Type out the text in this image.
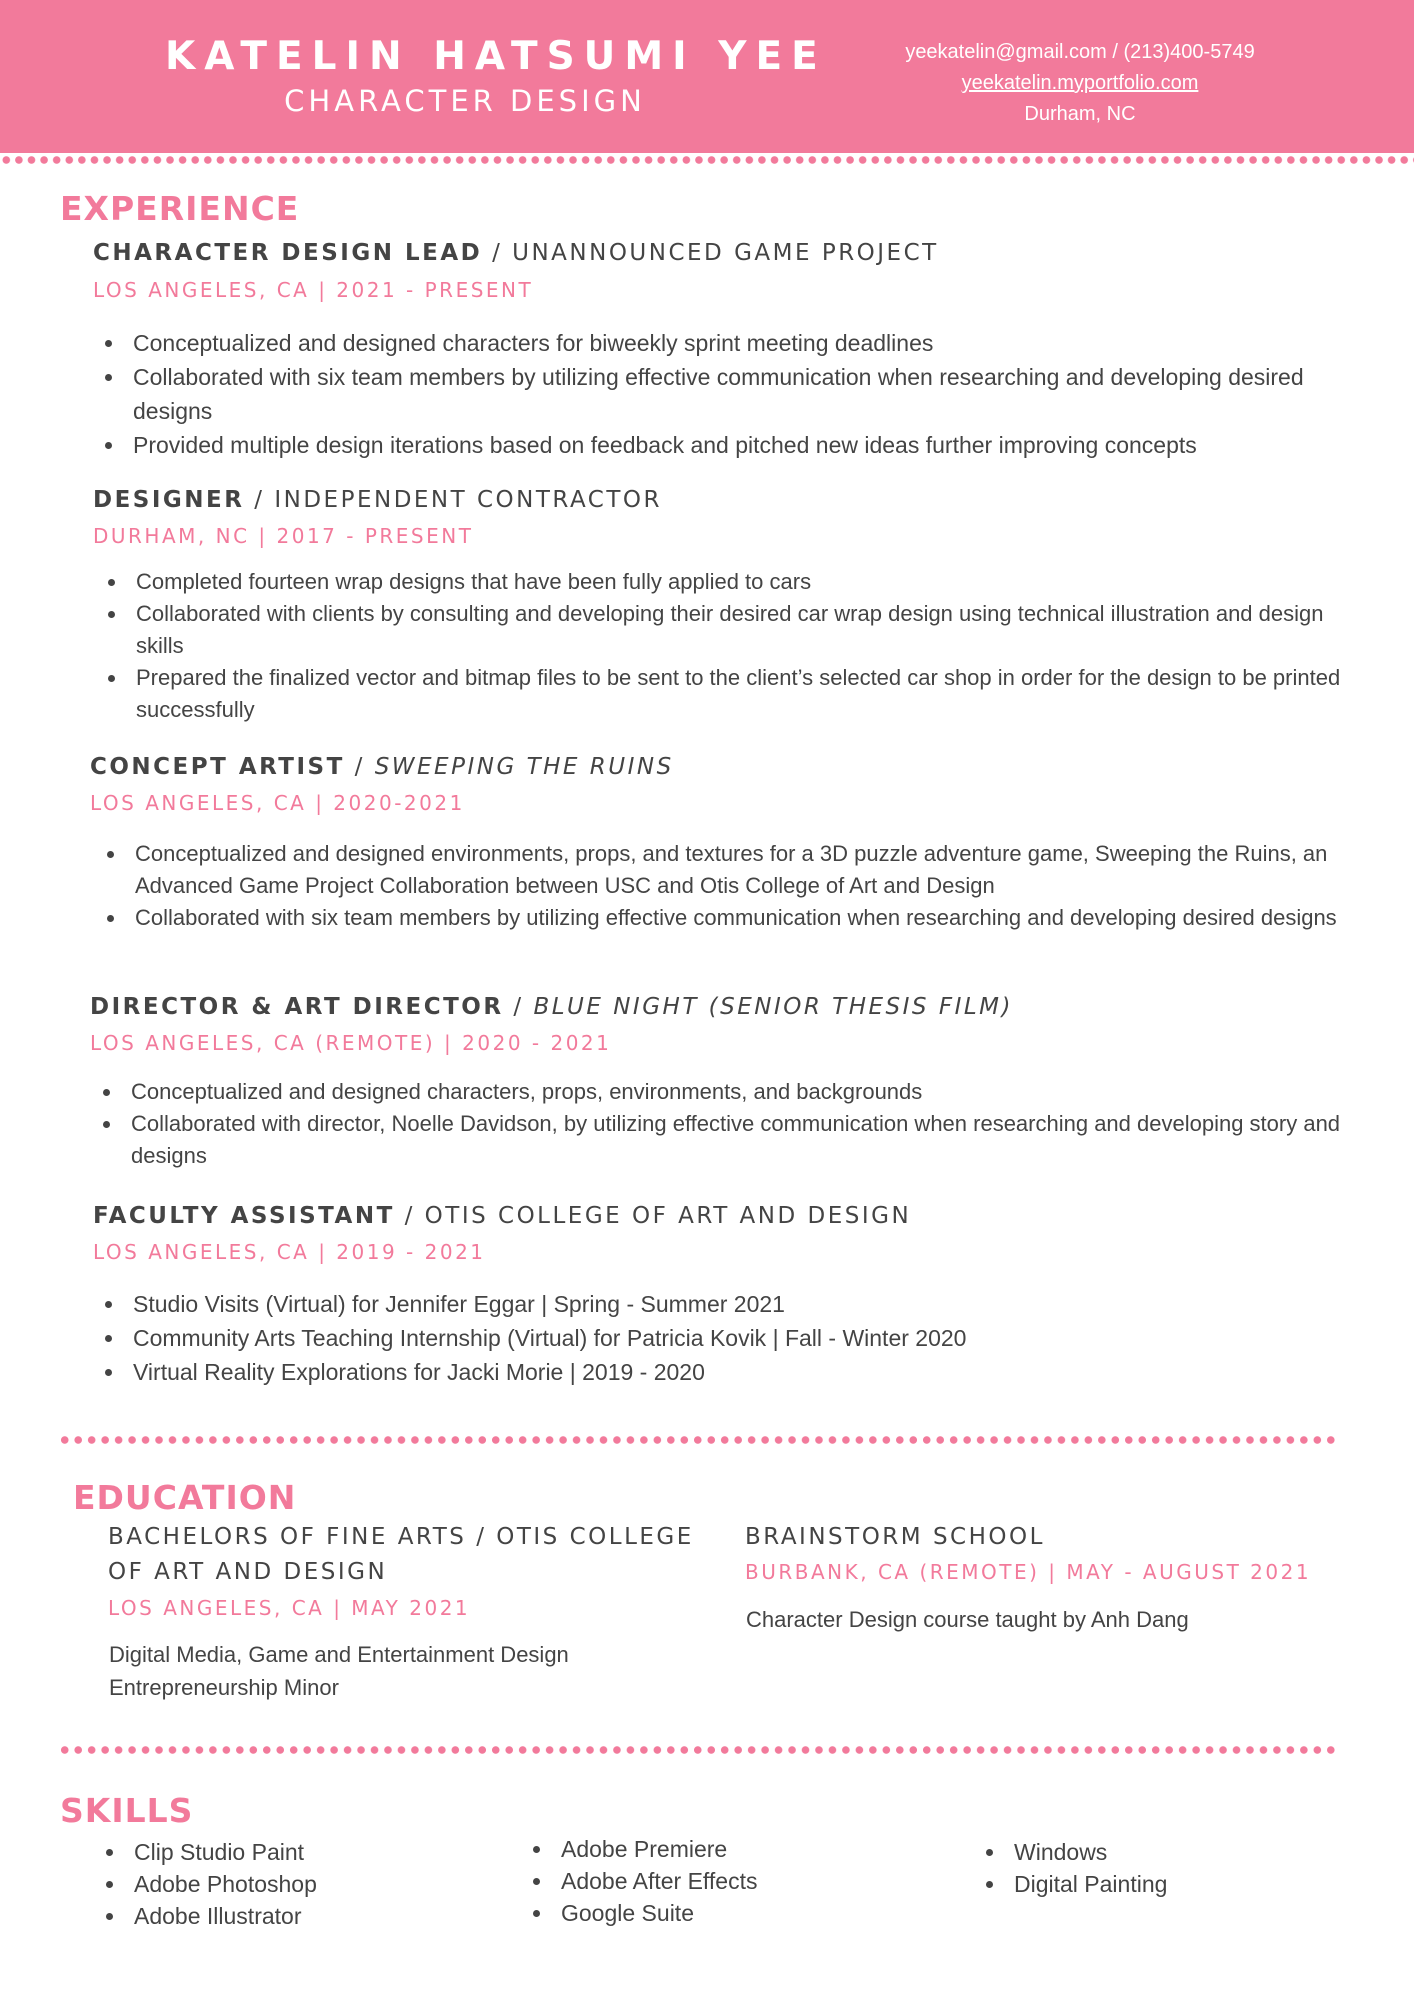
KATELIN HATSUMI YEE
CHARACTER DESIGN
yeekatelin@gmail.com / (213)400-5749
yeekatelin.myportfolio.com
Durham, NC
EXPERIENCE
CHARACTER DESIGN LEAD / UNANNOUNCED GAME PROJECT
LOS ANGELES, CA | 2021 - PRESENT
Conceptualized and designed characters for biweekly sprint meeting deadlines
Collaborated with six team members by utilizing effective communication when researching and developing desired designs
Provided multiple design iterations based on feedback and pitched new ideas further improving concepts
DESIGNER / INDEPENDENT CONTRACTOR
DURHAM, NC | 2017 - PRESENT
Completed fourteen wrap designs that have been fully applied to cars
Collaborated with clients by consulting and developing their desired car wrap design using technical illustration and design skills
Prepared the finalized vector and bitmap files to be sent to the client’s selected car shop in order for the design to be printed successfully
CONCEPT ARTIST / SWEEPING THE RUINS
LOS ANGELES, CA | 2020-2021
Conceptualized and designed environments, props, and textures for a 3D puzzle adventure game, Sweeping the Ruins, an Advanced Game Project Collaboration between USC and Otis College of Art and Design
Collaborated with six team members by utilizing effective communication when researching and developing desired designs
DIRECTOR & ART DIRECTOR / BLUE NIGHT (SENIOR THESIS FILM)
LOS ANGELES, CA (REMOTE) | 2020 - 2021
Conceptualized and designed characters, props, environments, and backgrounds
Collaborated with director, Noelle Davidson, by utilizing effective communication when researching and developing story and designs
FACULTY ASSISTANT / OTIS COLLEGE OF ART AND DESIGN
LOS ANGELES, CA | 2019 - 2021
Studio Visits (Virtual) for Jennifer Eggar | Spring - Summer 2021
Community Arts Teaching Internship (Virtual) for Patricia Kovik | Fall - Winter 2020
Virtual Reality Explorations for Jacki Morie | 2019 - 2020
EDUCATION
BACHELORS OF FINE ARTS / OTIS COLLEGE OF ART AND DESIGN
LOS ANGELES, CA | MAY 2021
Digital Media, Game and Entertainment Design
Entrepreneurship Minor
BRAINSTORM SCHOOL
BURBANK, CA (REMOTE) | MAY - AUGUST 2021
Character Design course taught by Anh Dang
SKILLS
Clip Studio Paint
Adobe Photoshop
Adobe Illustrator
Adobe Premiere
Adobe After Effects
Google Suite
Windows
Digital Painting
